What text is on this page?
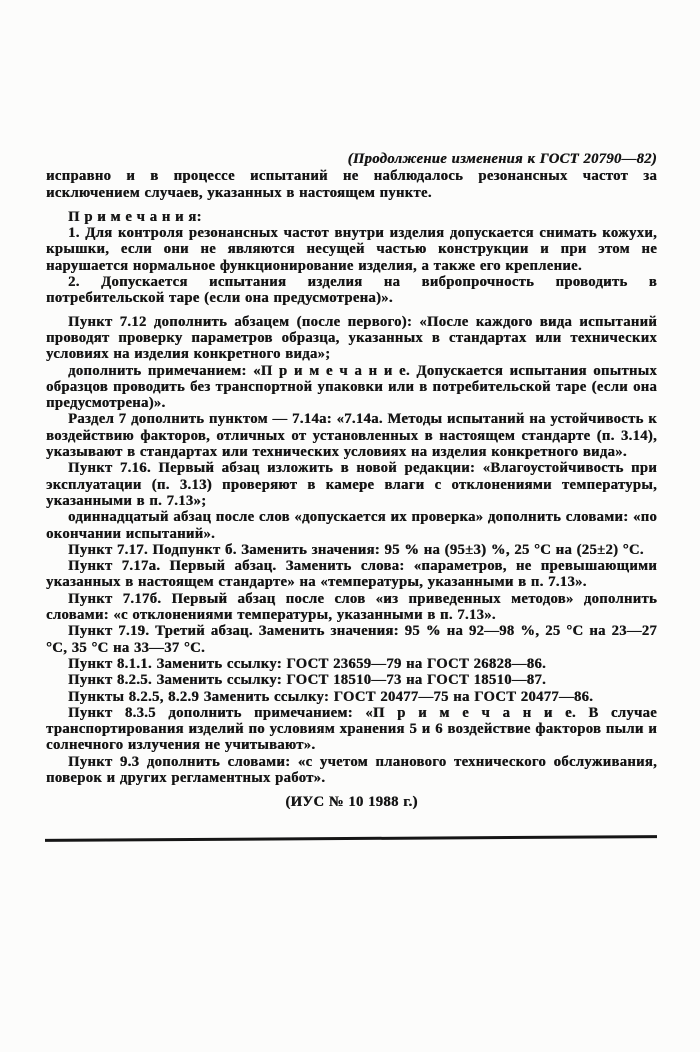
(Продолжение изменения к ГОСТ 20790—82)

исправно и в процессе испытаний не наблюдалось резонансных частот за исключением случаев, указанных в настоящем пункте.

П р и м е ч а н и я:

1. Для контроля резонансных частот внутри изделия допускается снимать кожухи, крышки, если они не являются несущей частью конструкции и при этом не нарушается нормальное функционирование изделия, а также его крепление.

2. Допускается испытания изделия на вибропрочность проводить в потребительской таре (если она предусмотрена)».

Пункт 7.12 дополнить абзацем (после первого): «После каждого вида испытаний проводят проверку параметров образца, указанных в стандартах или технических условиях на изделия конкретного вида»;

дополнить примечанием: «П р и м е ч а н и е. Допускается испытания опытных образцов проводить без транспортной упаковки или в потребительской таре (если она предусмотрена)».

Раздел 7 дополнить пунктом — 7.14а: «7.14а. Методы испытаний на устойчивость к воздействию факторов, отличных от установленных в настоящем стандарте (п. 3.14), указывают в стандартах или технических условиях на изделия конкретного вида».

Пункт 7.16. Первый абзац изложить в новой редакции: «Влагоустойчивость при эксплуатации (п. 3.13) проверяют в камере влаги с отклонениями температуры, указанными в п. 7.13»;

одиннадцатый абзац после слов «допускается их проверка» дополнить словами: «по окончании испытаний».

Пункт 7.17. Подпункт б. Заменить значения: 95 % на (95±3) %, 25 °С на (25±2) °С.

Пункт 7.17а. Первый абзац. Заменить слова: «параметров, не превышающими указанных в настоящем стандарте» на «температуры, указанными в п. 7.13».

Пункт 7.17б. Первый абзац после слов «из приведенных методов» дополнить словами: «с отклонениями температуры, указанными в п. 7.13».

Пункт 7.19. Третий абзац. Заменить значения: 95 % на 92—98 %, 25 °С на 23—27 °С, 35 °С на 33—37 °С.

Пункт 8.1.1. Заменить ссылку: ГОСТ 23659—79 на ГОСТ 26828—86.

Пункт 8.2.5. Заменить ссылку: ГОСТ 18510—73 на ГОСТ 18510—87.

Пункты 8.2.5, 8.2.9 Заменить ссылку: ГОСТ 20477—75 на ГОСТ 20477—86.

Пункт 8.3.5 дополнить примечанием: «П р и м е ч а н и е. В случае транспортирования изделий по условиям хранения 5 и 6 воздействие факторов пыли и солнечного излучения не учитывают».

Пункт 9.3 дополнить словами: «с учетом планового технического обслуживания, поверок и других регламентных работ».

(ИУС № 10 1988 г.)
